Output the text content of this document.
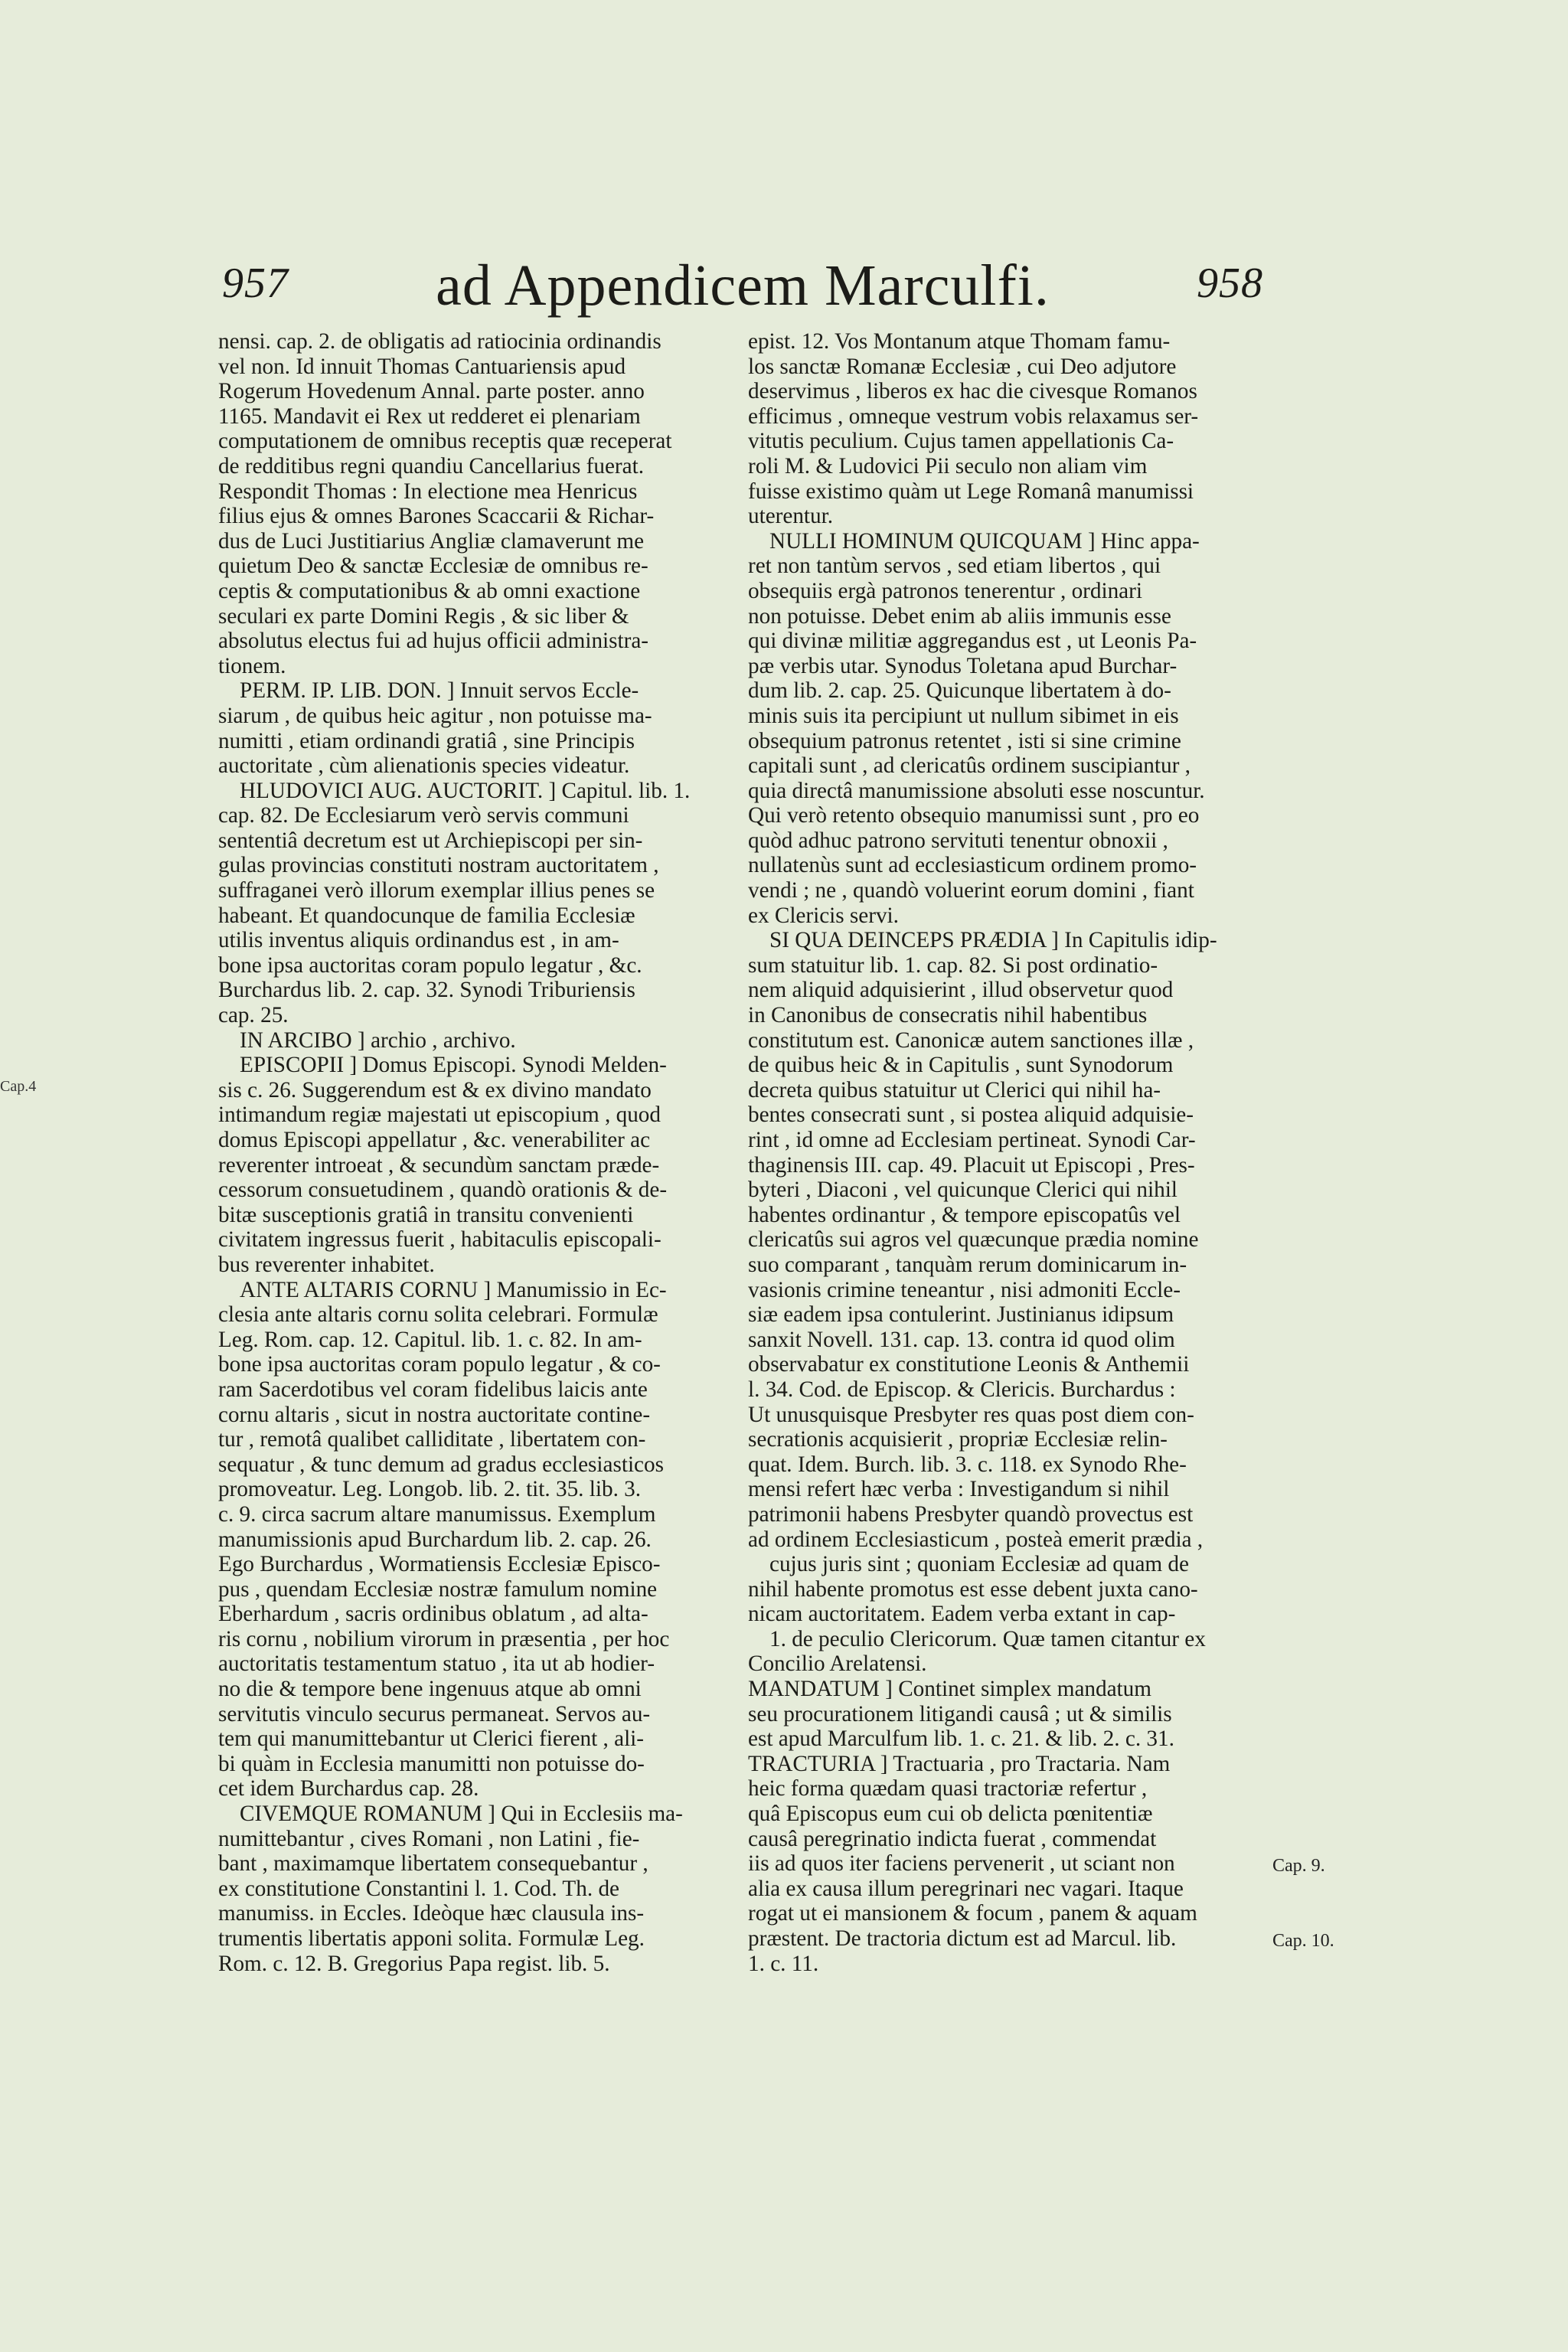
957	ad Appendicem Marculfi.	958
Cap.4
nensi. cap. 2. de obligatis ad ratiocinia ordinandis
vel non. Id innuit Thomas Cantuariensis apud
Rogerum Hovedenum Annal. parte poster. anno
1165. Mandavit ei Rex ut redderet ei plenariam
computationem de omnibus receptis quæ receperat
de redditibus regni quandiu Cancellarius fuerat.
Respondit Thomas : In electione mea Henricus
filius ejus & omnes Barones Scaccarii & Richar-
dus de Luci Justitiarius Angliæ clamaverunt me
quietum Deo & sanctæ Ecclesiæ de omnibus re-
ceptis & computationibus & ab omni exactione
seculari ex parte Domini Regis , & sic liber &
absolutus electus fui ad hujus officii administra-
tionem.
PERM. IP. LIB. DON. ] Innuit servos Eccle-
siarum , de quibus heic agitur , non potuisse ma-
numitti , etiam ordinandi gratiâ , sine Principis
auctoritate , cùm alienationis species videatur.
HLUDOVICI AUG. AUCTORIT. ] Capitul. lib. 1.
cap. 82. De Ecclesiarum verò servis communi
sententiâ decretum est ut Archiepiscopi per sin-
gulas provincias constituti nostram auctoritatem ,
suffraganei verò illorum exemplar illius penes se
habeant. Et quandocunque de familia Ecclesiæ
utilis inventus aliquis ordinandus est , in am-
bone ipsa auctoritas coram populo legatur , &c.
Burchardus lib. 2. cap. 32. Synodi Triburiensis
cap. 25.
IN ARCIBO ] archio , archivo.
EPISCOPII ] Domus Episcopi. Synodi Melden-
sis c. 26. Suggerendum est & ex divino mandato
intimandum regiæ majestati ut episcopium , quod
domus Episcopi appellatur , &c. venerabiliter ac
reverenter introeat , & secundùm sanctam præde-
cessorum consuetudinem , quandò orationis & de-
bitæ susceptionis gratiâ in transitu convenienti
civitatem ingressus fuerit , habitaculis episcopali-
bus reverenter inhabitet.
ANTE ALTARIS CORNU ] Manumissio in Ec-
clesia ante altaris cornu solita celebrari. Formulæ
Leg. Rom. cap. 12. Capitul. lib. 1. c. 82. In am-
bone ipsa auctoritas coram populo legatur , & co-
ram Sacerdotibus vel coram fidelibus laicis ante
cornu altaris , sicut in nostra auctoritate contine-
tur , remotâ qualibet calliditate , libertatem con-
sequatur , & tunc demum ad gradus ecclesiasticos
promoveatur. Leg. Longob. lib. 2. tit. 35. lib. 3.
c. 9. circa sacrum altare manumissus. Exemplum
manumissionis apud Burchardum lib. 2. cap. 26.
Ego Burchardus , Wormatiensis Ecclesiæ Episco-
pus , quendam Ecclesiæ nostræ famulum nomine
Eberhardum , sacris ordinibus oblatum , ad alta-
ris cornu , nobilium virorum in præsentia , per hoc
auctoritatis testamentum statuo , ita ut ab hodier-
no die & tempore bene ingenuus atque ab omni
servitutis vinculo securus permaneat. Servos au-
tem qui manumittebantur ut Clerici fierent , ali-
bi quàm in Ecclesia manumitti non potuisse do-
cet idem Burchardus cap. 28.
CIVEMQUE ROMANUM ] Qui in Ecclesiis ma-
numittebantur , cives Romani , non Latini , fie-
bant , maximamque libertatem consequebantur ,
ex constitutione Constantini l. 1. Cod. Th. de
manumiss. in Eccles. Ideòque hæc clausula ins-
trumentis libertatis apponi solita. Formulæ Leg.
Rom. c. 12. B. Gregorius Papa regist. lib. 5.
epist. 12. Vos Montanum atque Thomam famu-
los sanctæ Romanæ Ecclesiæ , cui Deo adjutore
deservimus , liberos ex hac die civesque Romanos
efficimus , omneque vestrum vobis relaxamus ser-
vitutis peculium. Cujus tamen appellationis Ca-
roli M. & Ludovici Pii seculo non aliam vim
fuisse existimo quàm ut Lege Romanâ manumissi
uterentur.
NULLI HOMINUM QUICQUAM ] Hinc appa-
ret non tantùm servos , sed etiam libertos , qui
obsequiis ergà patronos tenerentur , ordinari
non potuisse. Debet enim ab aliis immunis esse
qui divinæ militiæ aggregandus est , ut Leonis Pa-
pæ verbis utar. Synodus Toletana apud Burchar-
dum lib. 2. cap. 25. Quicunque libertatem à do-
minis suis ita percipiunt ut nullum sibimet in eis
obsequium patronus retentet , isti si sine crimine
capitali sunt , ad clericatûs ordinem suscipiantur ,
quia directâ manumissione absoluti esse noscuntur.
Qui verò retento obsequio manumissi sunt , pro eo
quòd adhuc patrono servituti tenentur obnoxii ,
nullatenùs sunt ad ecclesiasticum ordinem promo-
vendi ; ne , quandò voluerint eorum domini , fiant
ex Clericis servi.
SI QUA DEINCEPS PRÆDIA ] In Capitulis idip-
sum statuitur lib. 1. cap. 82. Si post ordinatio-
nem aliquid adquisierint , illud observetur quod
in Canonibus de consecratis nihil habentibus
constitutum est. Canonicæ autem sanctiones illæ ,
de quibus heic & in Capitulis , sunt Synodorum
decreta quibus statuitur ut Clerici qui nihil ha-
bentes consecrati sunt , si postea aliquid adquisie-
rint , id omne ad Ecclesiam pertineat. Synodi Car-
thaginensis III. cap. 49. Placuit ut Episcopi , Pres-
byteri , Diaconi , vel quicunque Clerici qui nihil
habentes ordinantur , & tempore episcopatûs vel
clericatûs sui agros vel quæcunque prædia nomine
suo comparant , tanquàm rerum dominicarum in-
vasionis crimine teneantur , nisi admoniti Eccle-
siæ eadem ipsa contulerint. Justinianus idipsum
sanxit Novell. 131. cap. 13. contra id quod olim
observabatur ex constitutione Leonis & Anthemii
l. 34. Cod. de Episcop. & Clericis. Burchardus :
Ut unusquisque Presbyter res quas post diem con-
secrationis acquisierit , propriæ Ecclesiæ relin-
quat. Idem. Burch. lib. 3. c. 118. ex Synodo Rhe-
mensi refert hæc verba : Investigandum si nihil
patrimonii habens Presbyter quandò provectus est
ad ordinem Ecclesiasticum , posteà emerit prædia ,
cujus juris sint ; quoniam Ecclesiæ ad quam de
nihil habente promotus est esse debent juxta cano-
nicam auctoritatem. Eadem verba extant in cap-
1. de peculio Clericorum. Quæ tamen citantur ex
Concilio Arelatensi.
MANDATUM ] Continet simplex mandatum
seu procurationem litigandi causâ ; ut & similis
est apud Marculfum lib. 1. c. 21. & lib. 2. c. 31.
TRACTURIA ] Tractuaria , pro Tractaria. Nam
heic forma quædam quasi tractoriæ refertur ,
quâ Episcopus eum cui ob delicta pœnitentiæ
causâ peregrinatio indicta fuerat , commendat
iis ad quos iter faciens pervenerit , ut sciant non
alia ex causa illum peregrinari nec vagari. Itaque
rogat ut ei mansionem & focum , panem & aquam
præstent. De tractoria dictum est ad Marcul. lib.
1. c. 11.
Cap. 9.
Cap. 10.
